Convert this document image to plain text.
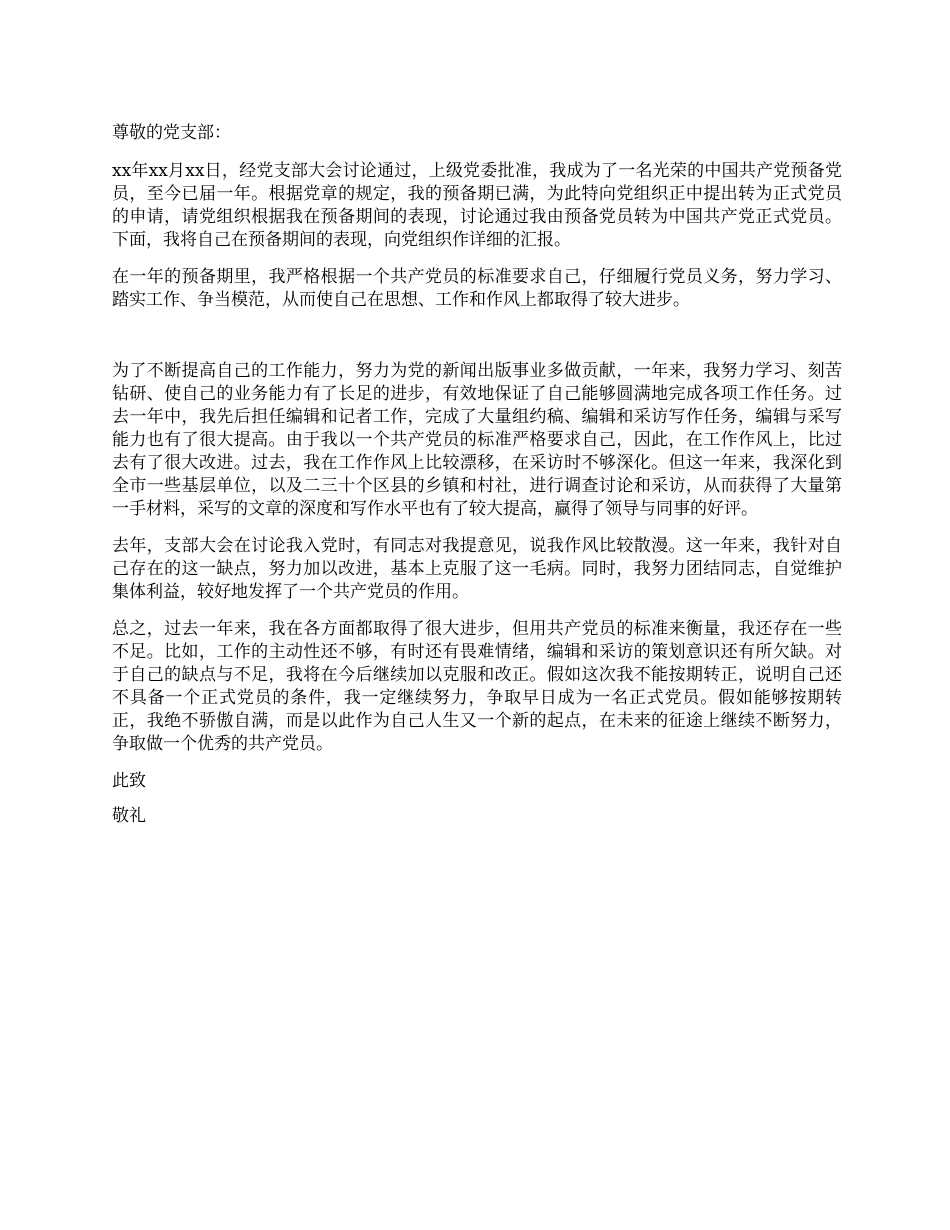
尊敬的党支部：

xx年xx月xx日，经党支部大会讨论通过，上级党委批准，我成为了一名光荣的中国共产党预备党员，至今已届一年。根据党章的规定，我的预备期已满，为此特向党组织正中提出转为正式党员的申请，请党组织根据我在预备期间的表现，讨论通过我由预备党员转为中国共产党正式党员。下面，我将自己在预备期间的表现，向党组织作详细的汇报。

在一年的预备期里，我严格根据一个共产党员的标准要求自己，仔细履行党员义务，努力学习、踏实工作、争当模范，从而使自己在思想、工作和作风上都取得了较大进步。

为了不断提高自己的工作能力，努力为党的新闻出版事业多做贡献，一年来，我努力学习、刻苦钻研、使自己的业务能力有了长足的进步，有效地保证了自己能够圆满地完成各项工作任务。过去一年中，我先后担任编辑和记者工作，完成了大量组约稿、编辑和采访写作任务，编辑与采写能力也有了很大提高。由于我以一个共产党员的标准严格要求自己，因此，在工作作风上，比过去有了很大改进。过去，我在工作作风上比较漂移，在采访时不够深化。但这一年来，我深化到全市一些基层单位，以及二三十个区县的乡镇和村社，进行调查讨论和采访，从而获得了大量第一手材料，采写的文章的深度和写作水平也有了较大提高，赢得了领导与同事的好评。

去年，支部大会在讨论我入党时，有同志对我提意见，说我作风比较散漫。这一年来，我针对自己存在的这一缺点，努力加以改进，基本上克服了这一毛病。同时，我努力团结同志，自觉维护集体利益，较好地发挥了一个共产党员的作用。

总之，过去一年来，我在各方面都取得了很大进步，但用共产党员的标准来衡量，我还存在一些不足。比如，工作的主动性还不够，有时还有畏难情绪，编辑和采访的策划意识还有所欠缺。对于自己的缺点与不足，我将在今后继续加以克服和改正。假如这次我不能按期转正，说明自己还不具备一个正式党员的条件，我一定继续努力，争取早日成为一名正式党员。假如能够按期转正，我绝不骄傲自满，而是以此作为自己人生又一个新的起点，在未来的征途上继续不断努力，争取做一个优秀的共产党员。

此致

敬礼
